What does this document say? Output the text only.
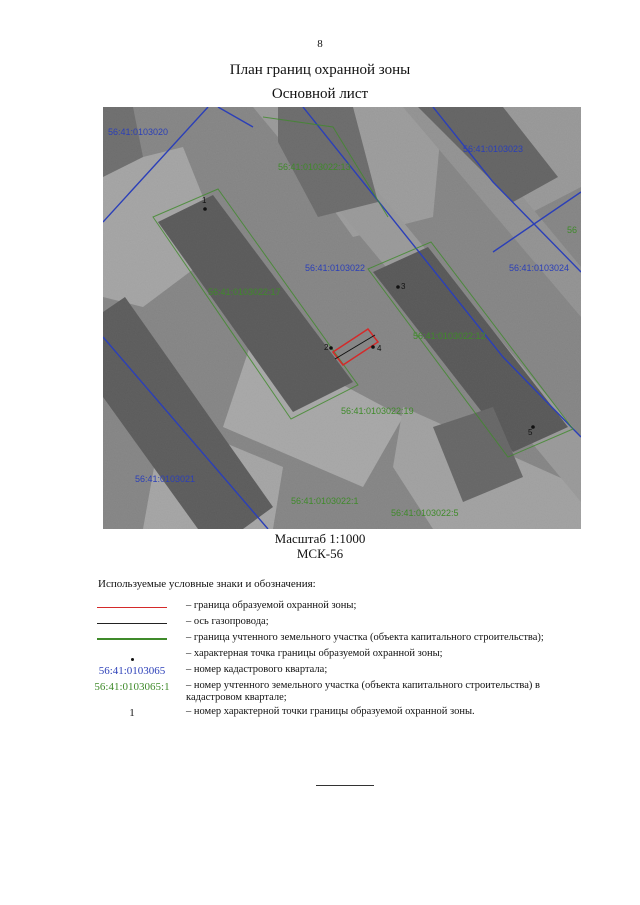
8
План границ охранной зоны
Основной лист
1
2
3
4
5
56:41:0103020
56:41:0103023
56:41:0103024
56:41:0103021
56:41:0103022
56:41:0103022:13
56:41:0103022:17
56:41:0103022:12
56:41:0103022:19
56:41:0103022:1
56:41:0103022:5
56
Масштаб 1:1000
МСК-56
Используемые условные знаки и обозначения:
– граница образуемой охранной зоны;
– ось газопровода;
– граница учтенного земельного участка (объекта капитального строительства);
– характерная точка границы образуемой охранной зоны;
56:41:0103065 – номер кадастрового квартала;
56:41:0103065:1 – номер учтенного земельного участка (объекта капитального строительства) в кадастровом квартале;
1	– номер характерной точки границы образуемой охранной зоны.
